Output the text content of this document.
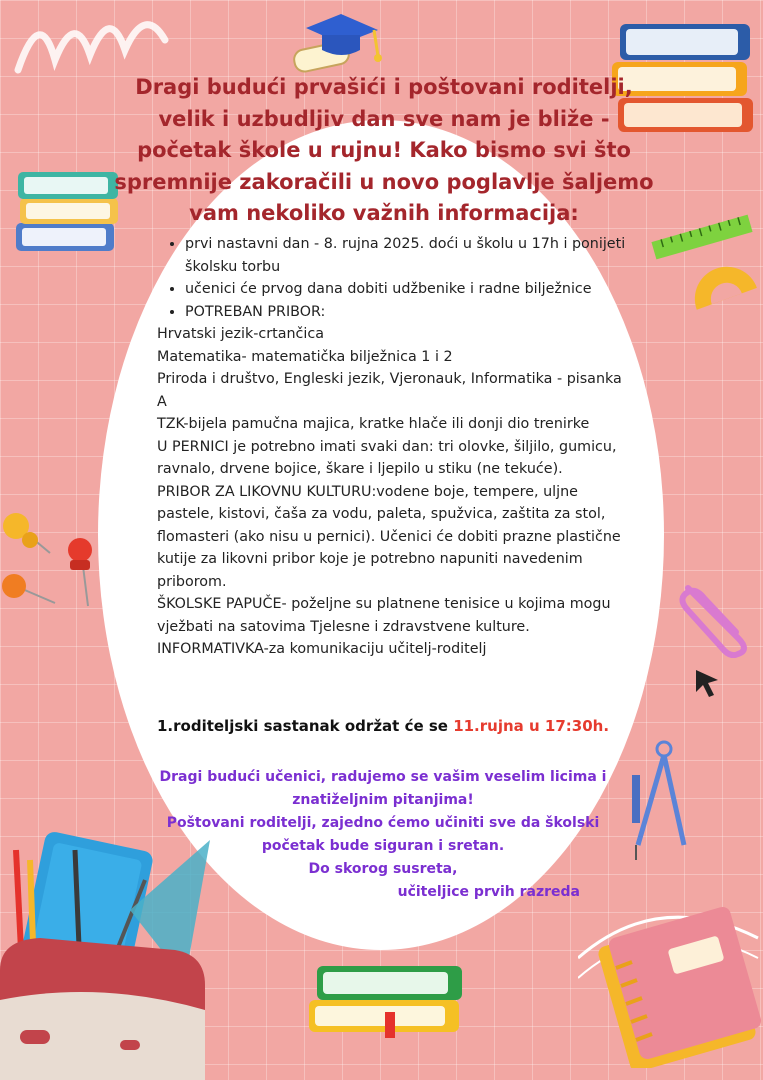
Dragi budući prvašići i poštovani roditelji, velik i uzbudljiv dan sve nam je bliže - početak škole u rujnu! Kako bismo svi što spremnije zakoračili u novo poglavlje šaljemo vam nekoliko važnih informacija:

• prvi nastavni dan - 8. rujna 2025. doći u školu u 17h i ponijeti školsku torbu
• učenici će prvog dana dobiti udžbenike i radne bilježnice
• POTREBAN PRIBOR:

Hrvatski jezik-crtančica

Matematika- matematička bilježnica 1 i 2

Priroda i društvo, Engleski jezik, Vjeronauk, Informatika - pisanka A

TZK-bijela pamučna majica, kratke hlače ili donji dio trenirke

U PERNICI je potrebno imati svaki dan: tri olovke, šiljilo, gumicu, ravnalo, drvene bojice, škare i ljepilo u stiku (ne tekuće).

PRIBOR ZA LIKOVNU KULTURU:vodene boje, tempere, uljne pastele, kistovi, čaša za vodu, paleta, spužvica, zaštita za stol, flomasteri (ako nisu u pernici). Učenici će dobiti prazne plastične kutije za likovni pribor koje je potrebno napuniti navedenim priborom.

ŠKOLSKE PAPUČE- poželjne su platnene tenisice u kojima mogu vježbati na satovima Tjelesne i zdravstvene kulture.

INFORMATIVKA-za komunikaciju učitelj-roditelj

1.roditeljski sastanak održat će se 11.rujna u 17:30h.

Dragi budući učenici, radujemo se vašim veselim licima i znatiželjnim pitanjima!

Poštovani roditelji, zajedno ćemo učiniti sve da školski početak bude siguran i sretan.

Do skorog susreta,

učiteljice prvih razreda
